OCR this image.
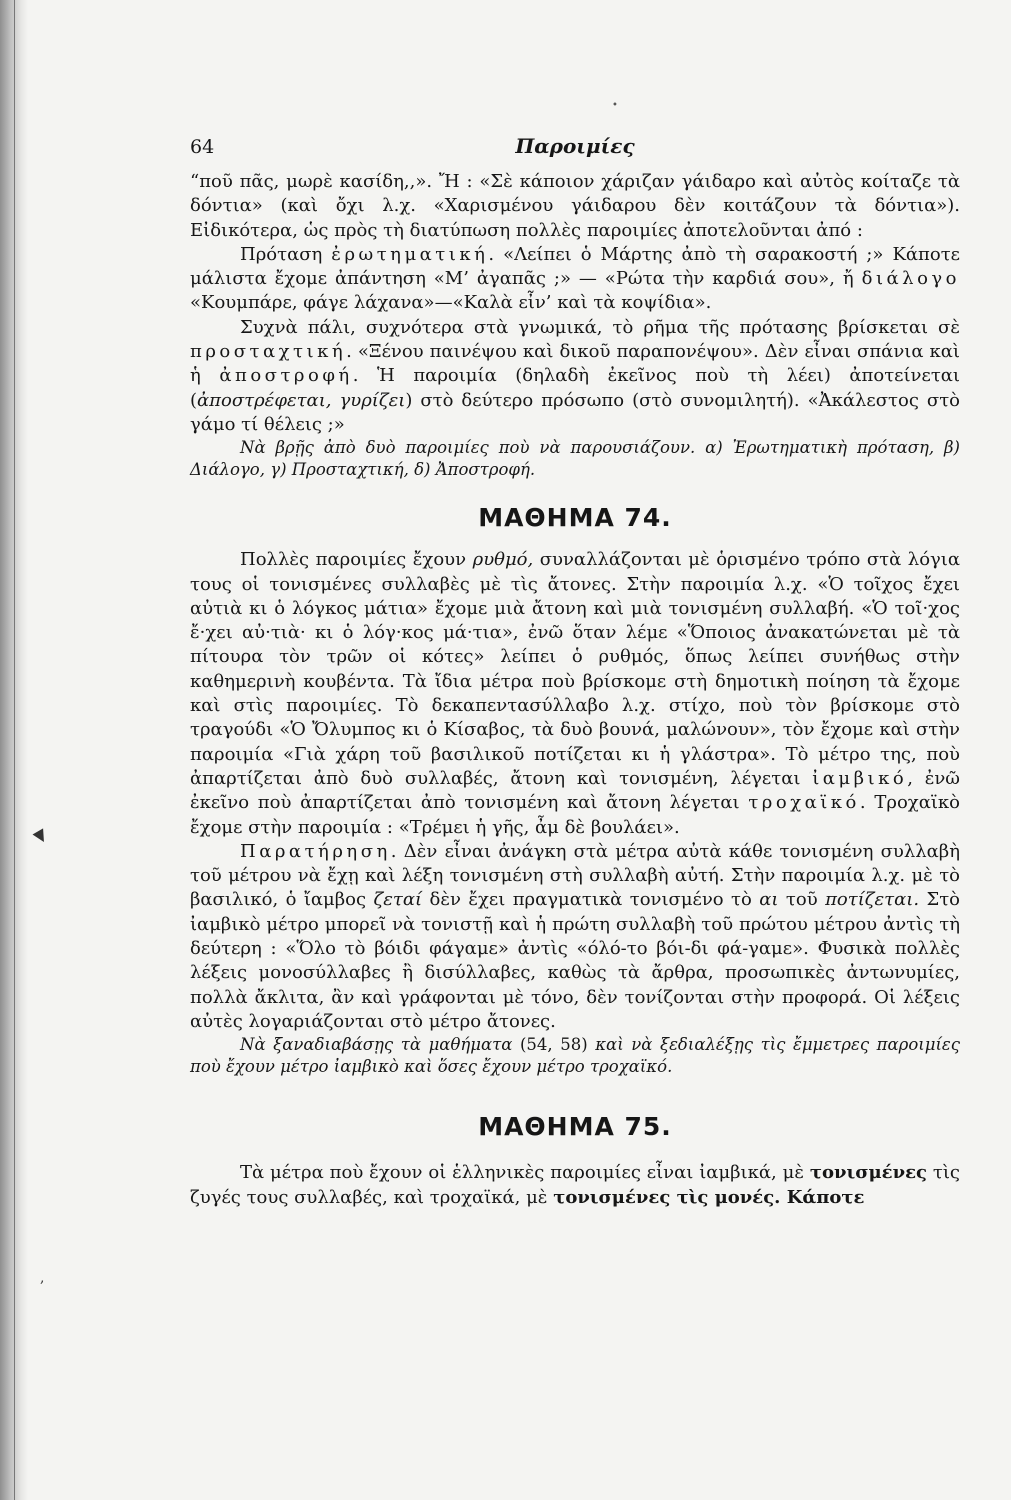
▼
,
•
64	Παροιμίες

“ποῦ πᾶς, μωρὲ κασίδη,,». Ἤ : «Σὲ κάποιον χάριζαν γάιδαρο καὶ αὐτὸς κοίταζε τὰ δόντια» (καὶ ὄχι λ.χ. «Χαρισμένου γάιδαρου δὲν κοιτάζουν τὰ δόντια»). Εἰδικότερα, ὡς πρὸς τὴ διατύπωση πολλὲς παροιμίες ἀποτελοῦνται ἀπό :

Πρόταση ἐρωτηματική. «Λείπει ὁ Μάρτης ἀπὸ τὴ σαρακοστή ;» Κάποτε μάλιστα ἔχομε ἀπάντηση «Μ’ ἀγαπᾶς ;» — «Ρώτα τὴν καρδιά σου», ἤ διάλογο «Κουμπάρε, φάγε λάχανα»—«Καλὰ εἶν’ καὶ τὰ κοψίδια».

Συχνὰ πάλι, συχνότερα στὰ γνωμικά, τὸ ρῆμα τῆς πρότασης βρίσκεται σὲ προσταχτική. «Ξένου παινέψου καὶ δικοῦ παραπονέψου». Δὲν εἶναι σπάνια καὶ ἡ ἀποστροφή. Ἡ παροιμία (δηλαδὴ ἐκεῖνος ποὺ τὴ λέει) ἀποτείνεται (ἀποστρέφεται, γυρίζει) στὸ δεύτερο πρόσωπο (στὸ συνομιλητή). «Ἀκάλεστος στὸ γάμο τί θέλεις ;»

Νὰ βρῇς ἀπὸ δυὸ παροιμίες ποὺ νὰ παρουσιάζουν. α) Ἐρωτηματικὴ πρόταση, β) Διάλογο, γ) Προσταχτική, δ) Ἀποστροφή.

ΜΑΘΗΜΑ 74.

Πολλὲς παροιμίες ἔχουν ρυθμό, συναλλάζονται μὲ ὁρισμένο τρόπο στὰ λόγια τους οἱ τονισμένες συλλαβὲς μὲ τὶς ἄτονες. Στὴν παροιμία λ.χ. «Ὁ τοῖχος ἔχει αὐτιὰ κι ὁ λόγκος μάτια» ἔχομε μιὰ ἄτονη καὶ μιὰ τονισμένη συλλαβή. «Ὁ τοῖ·χος ἔ·χει αὐ·τιὰ· κι ὁ λόγ·κος μά·τια», ἐνῶ ὅταν λέμε «Ὅποιος ἀνακατώνεται μὲ τὰ πίτουρα τὸν τρῶν οἱ κότες» λείπει ὁ ρυθμός, ὅπως λείπει συνήθως στὴν καθημερινὴ κουβέντα. Τὰ ἴδια μέτρα ποὺ βρίσκομε στὴ δημοτικὴ ποίηση τὰ ἔχομε καὶ στὶς παροιμίες. Τὸ δεκαπεντασύλλαβο λ.χ. στίχο, ποὺ τὸν βρίσκομε στὸ τραγούδι «Ὁ Ὄλυμπος κι ὁ Κίσαβος, τὰ δυὸ βουνά, μαλώνουν», τὸν ἔχομε καὶ στὴν παροιμία «Γιὰ χάρη τοῦ βασιλικοῦ ποτίζεται κι ἡ γλάστρα». Τὸ μέτρο της, ποὺ ἀπαρτίζεται ἀπὸ δυὸ συλλαβές, ἄτονη καὶ τονισμένη, λέγεται ἰαμβικό, ἐνῶ ἐκεῖνο ποὺ ἀπαρτίζεται ἀπὸ τονισμένη καὶ ἄτονη λέγεται τροχαϊκό. Τροχαϊκὸ ἔχομε στὴν παροιμία : «Τρέμει ἡ γῆς, ἆμ δὲ βουλάει».

Παρατήρηση. Δὲν εἶναι ἀνάγκη στὰ μέτρα αὐτὰ κάθε τονισμένη συλλαβὴ τοῦ μέτρου νὰ ἔχῃ καὶ λέξη τονισμένη στὴ συλλαβὴ αὐτή. Στὴν παροιμία λ.χ. μὲ τὸ βασιλικό, ὁ ἴαμβος ζεταί δὲν ἔχει πραγματικὰ τονισμένο τὸ αι τοῦ ποτίζεται. Στὸ ἰαμβικὸ μέτρο μπορεῖ νὰ τονιστῇ καὶ ἡ πρώτη συλλαβὴ τοῦ πρώτου μέτρου ἀντὶς τὴ δεύτερη : «Ὅλο τὸ βόιδι φάγαμε» ἀντὶς «όλό-το βόι-δι φά-γαμε». Φυσικὰ πολλὲς λέξεις μονοσύλλαβες ἢ δισύλλαβες, καθὼς τὰ ἄρθρα, προσωπικὲς ἀντωνυμίες, πολλὰ ἄκλιτα, ἂν καὶ γράφονται μὲ τόνο, δὲν τονίζονται στὴν προφορά. Οἱ λέξεις αὐτὲς λογαριάζονται στὸ μέτρο ἄτονες.

Νὰ ξαναδιαβάσῃς τὰ μαθήματα (54, 58) καὶ νὰ ξεδιαλέξῃς τὶς ἔμμετρες παροιμίες ποὺ ἔχουν μέτρο ἰαμβικὸ καὶ ὅσες ἔχουν μέτρο τροχαϊκό.

ΜΑΘΗΜΑ 75.

Τὰ μέτρα ποὺ ἔχουν οἱ ἑλληνικὲς παροιμίες εἶναι ἰαμβικά, μὲ τονισμένες τὶς ζυγές τους συλλαβές, καὶ τροχαϊκά, μὲ τονισμένες τὶς μονές. Κάποτε
